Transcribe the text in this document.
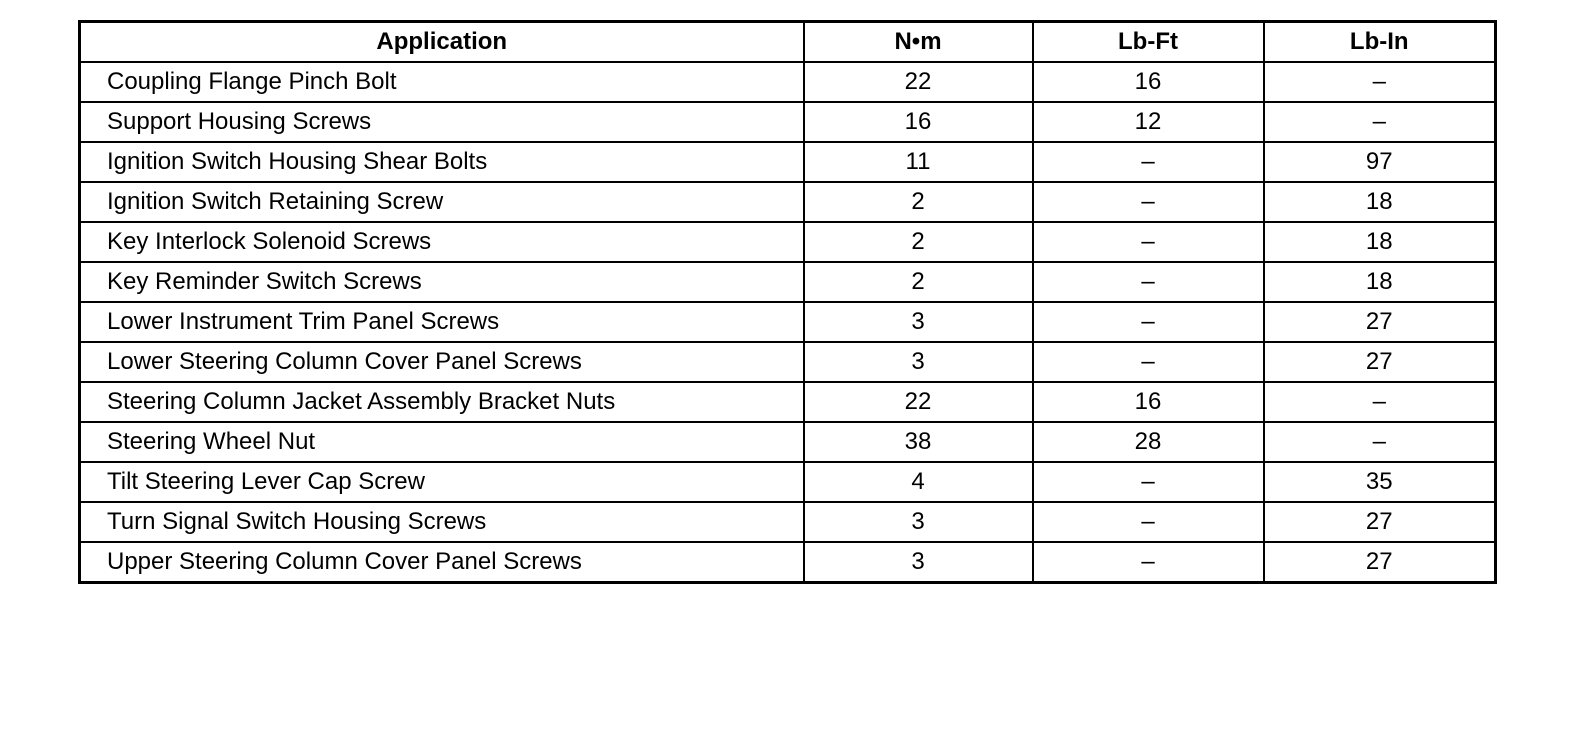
Application	N•m	Lb-Ft	Lb-In
Coupling Flange Pinch Bolt	22	16	–
Support Housing Screws	16	12	–
Ignition Switch Housing Shear Bolts	11	–	97
Ignition Switch Retaining Screw	2	–	18
Key Interlock Solenoid Screws	2	–	18
Key Reminder Switch Screws	2	–	18
Lower Instrument Trim Panel Screws	3	–	27
Lower Steering Column Cover Panel Screws	3	–	27
Steering Column Jacket Assembly Bracket Nuts	22	16	–
Steering Wheel Nut	38	28	–
Tilt Steering Lever Cap Screw	4	–	35
Turn Signal Switch Housing Screws	3	–	27
Upper Steering Column Cover Panel Screws	3	–	27
